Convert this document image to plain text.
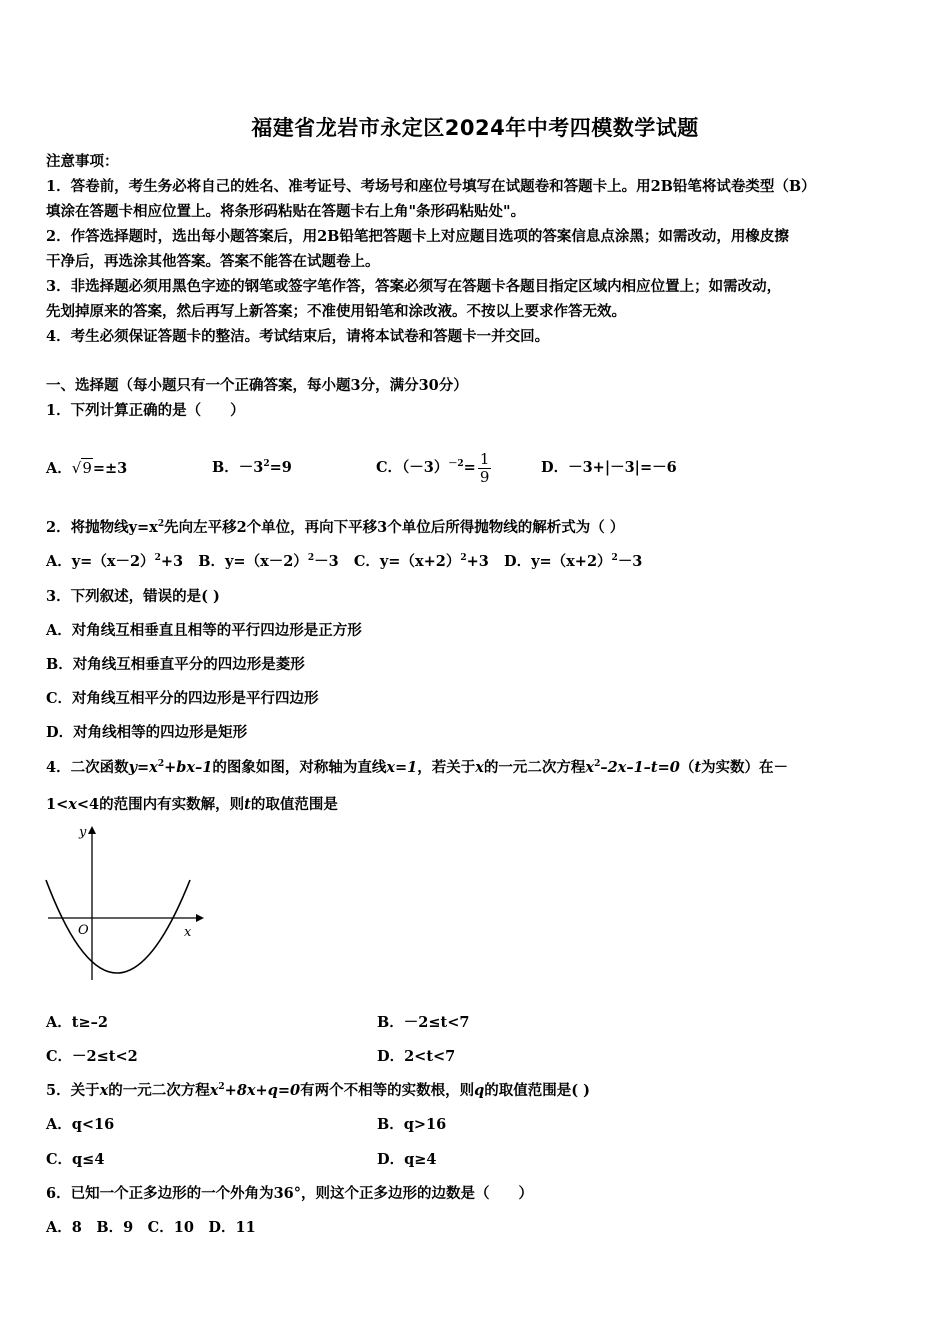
福建省龙岩市永定区2024年中考四模数学试题
注意事项：
1．答卷前，考生务必将自己的姓名、准考证号、考场号和座位号填写在试题卷和答题卡上。用2B铅笔将试卷类型（B）
填涂在答题卡相应位置上。将条形码粘贴在答题卡右上角"条形码粘贴处"。
2．作答选择题时，选出每小题答案后，用2B铅笔把答题卡上对应题目选项的答案信息点涂黑；如需改动，用橡皮擦
干净后，再选涂其他答案。答案不能答在试题卷上。
3．非选择题必须用黑色字迹的钢笔或签字笔作答，答案必须写在答题卡各题目指定区域内相应位置上；如需改动，
先划掉原来的答案，然后再写上新答案；不准使用铅笔和涂改液。不按以上要求作答无效。
4．考生必须保证答题卡的整洁。考试结束后，请将本试卷和答题卡一并交回。
一、选择题（每小题只有一个正确答案，每小题3分，满分30分）
1．下列计算正确的是（　　）
A．√9=±3	B．$-3^2=9$	C．$(-3)^{-2}= \frac{1}{9}$	D．－3+|－3|=－6
2．将抛物线$y=x^2$先向左平移2个单位，再向下平移3个单位后所得抛物线的解析式为（ ）
A．$y=(x-2)^2+3$ B．$y=(x-2)^2-3$ C．$y=(x+2)^2+3$ D．$y=(x+2)^2-3$
3．下列叙述，错误的是( )
A．对角线互相垂直且相等的平行四边形是正方形
B．对角线互相垂直平分的四边形是菱形
C．对角线互相平分的四边形是平行四边形
D．对角线相等的四边形是矩形
4．二次函数$y=x^2+bx-1$的图象如图，对称轴为直线x=1，若关于x的一元二次方程$x^2-2x-1-t=0(t$为实数）在－
1<x<4的范围内有实数解，则t的取值范围是
y
x
O
A．t≥–2	B．－2≤t<7
C．－2≤t<2	D．2<t<7
5．关于x的一元二次方程$x^2+8x+q=0$有两个不相等的实数根，则q的取值范围是( )
A．q<16	B．q>16
C．q≤4	D．q≥4
6．已知一个正多边形的一个外角为36°，则这个正多边形的边数是（　　）
A．8　B．9　C．10　D．11
